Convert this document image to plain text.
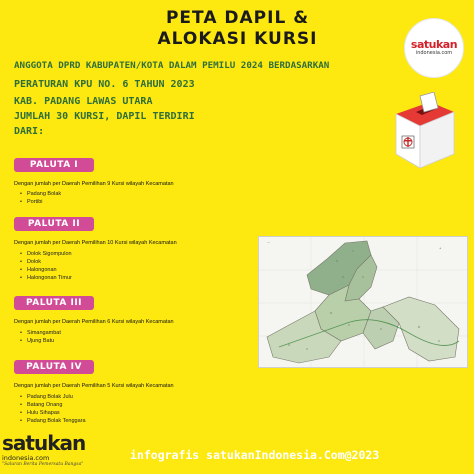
PETA DAPIL &
ALOKASI KURSI	satukan
indonesia.com
ANGGOTA DPRD KABUPATEN/KOTA DALAM PEMILU 2024 BERDASARKAN
PERATURAN KPU NO. 6 TAHUN 2023
KAB. PADANG LAWAS UTARA
JUMLAH 30 KURSI, DAPIL TERDIRI
DARI:
PALUTA I
Dengan jumlah per Daerah Pemilihan 9 Kursi wilayah Kecamatan
• Padang Bolak
• Portibi
PALUTA II
Dengan jumlah per Daerah Pemilihan 10 Kursi wilayah Kecamatan
• Dolok Sigompulon
• Dolok
• Halongonan
• Halongonan Timur
PALUTA III
Dengan jumlah per Daerah Pemilihan 6 Kursi wilayah Kecamatan
• Simangambat
• Ujung Batu
PALUTA IV
Dengan jumlah per Daerah Pemilihan 5 Kursi wilayah Kecamatan
• Padang Bolak Julu
• Batang Onang
• Hulu Sihapas
• Padang Bolak Tenggara
+
—
infografis satukanIndonesia.Com@2023
satukan
indonesia.com
"Saluran Berita Pemersatu Bangsa"
